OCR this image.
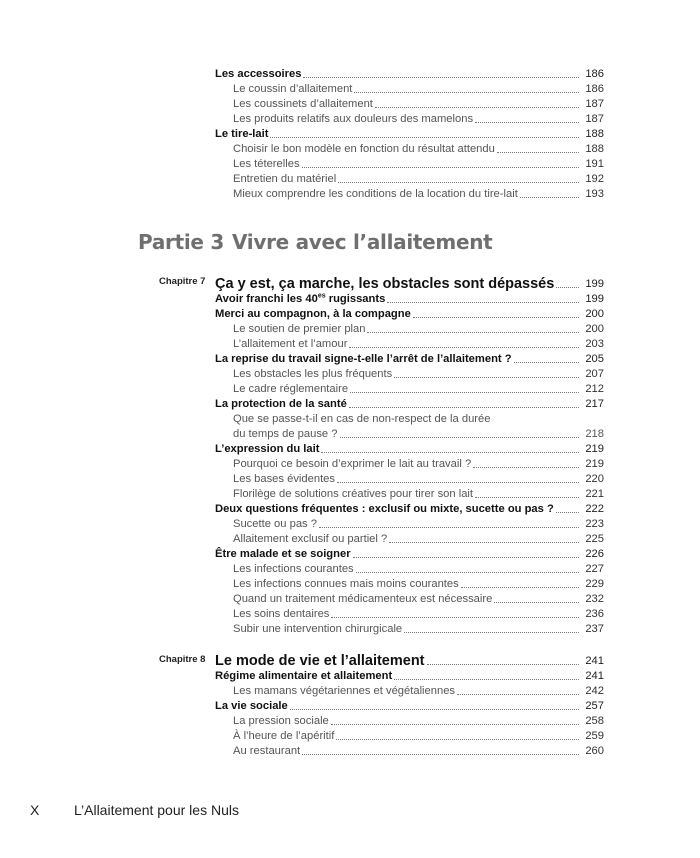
Les accessoires	186
Le coussin d’allaitement	186
Les coussinets d’allaitement	187
Les produits relatifs aux douleurs des mamelons	187
Le tire-lait	188
Choisir le bon modèle en fonction du résultat attendu	188
Les téterelles	191
Entretien du matériel	192
Mieux comprendre les conditions de la location du tire-lait	193
Partie 3 Vivre avec l’allaitement
Chapitre 7 Ça y est, ça marche, les obstacles sont dépassés	199
Avoir franchi les $40^{es}$ rugissants	199
Merci au compagnon, à la compagne	200
Le soutien de premier plan	200
L’allaitement et l’amour	203
La reprise du travail signe-t-elle l’arrêt de l’allaitement ?	205
Les obstacles les plus fréquents	207
Le cadre réglementaire	212
La protection de la santé	217
Que se passe-t-il en cas de non-respect de la durée
du temps de pause ?	218
L’expression du lait	219
Pourquoi ce besoin d’exprimer le lait au travail ?	219
Les bases évidentes	220
Florilège de solutions créatives pour tirer son lait	221
Deux questions fréquentes : exclusif ou mixte, sucette ou pas ?	222
Sucette ou pas ?	223
Allaitement exclusif ou partiel ?	225
Être malade et se soigner	226
Les infections courantes	227
Les infections connues mais moins courantes	229
Quand un traitement médicamenteux est nécessaire	232
Les soins dentaires	236
Subir une intervention chirurgicale	237
Chapitre 8 Le mode de vie et l’allaitement	241
Régime alimentaire et allaitement	241
Les mamans végétariennes et végétaliennes	242
La vie sociale	257
La pression sociale	258
À l’heure de l’apéritif	259
Au restaurant	260
X L’Allaitement pour les Nuls
